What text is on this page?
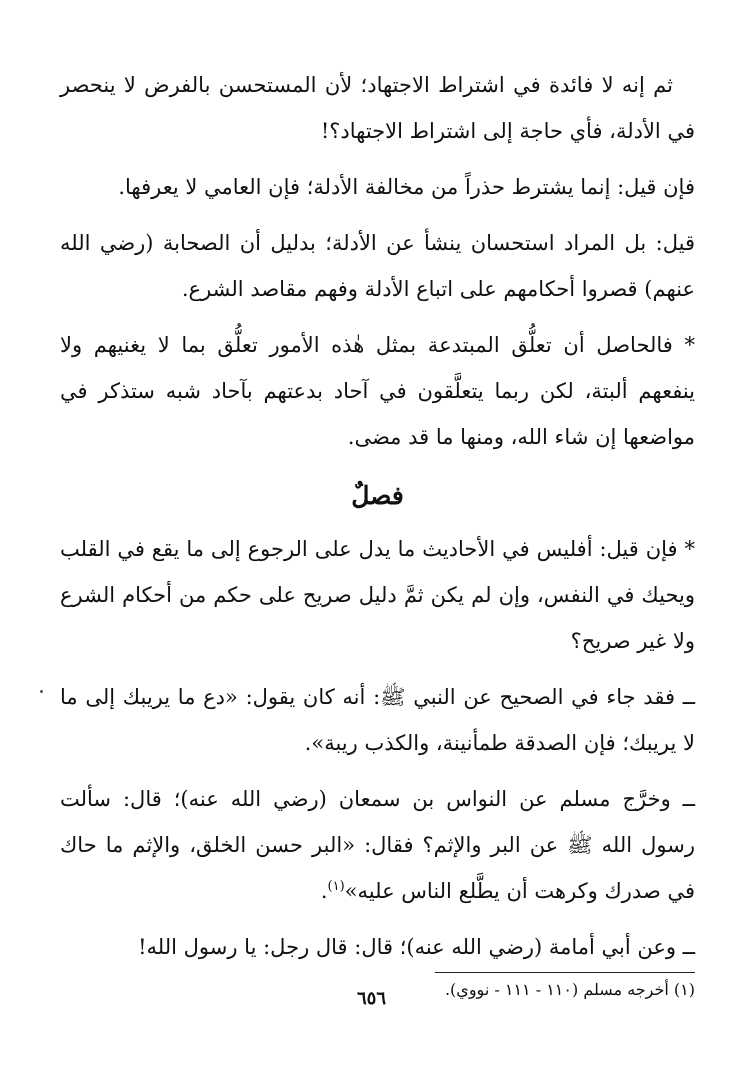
ثم إنه لا فائدة في اشتراط الاجتهاد؛ لأن المستحسن بالفرض لا ينحصر في الأدلة، فأي حاجة إلى اشتراط الاجتهاد؟!

فإن قيل: إنما يشترط حذراً من مخالفة الأدلة؛ فإن العامي لا يعرفها.

قيل: بل المراد استحسان ينشأ عن الأدلة؛ بدليل أن الصحابة (رضي الله عنهم) قصروا أحكامهم على اتباع الأدلة وفهم مقاصد الشرع.

* فالحاصل أن تعلُّق المبتدعة بمثل هٰذه الأمور تعلُّق بما لا يغنيهم ولا ينفعهم ألبتة، لكن ربما يتعلَّقون في آحاد بدعتهم بآحاد شبه ستذكر في مواضعها إن شاء الله، ومنها ما قد مضى.

فصلٌ

* فإن قيل: أفليس في الأحاديث ما يدل على الرجوع إلى ما يقع في القلب ويحيك في النفس، وإن لم يكن ثمَّ دليل صريح على حكم من أحكام الشرع ولا غير صريح؟

ــ فقد جاء في الصحيح عن النبي ﷺ: أنه كان يقول: «دع ما يريبك إلى ما لا يريبك؛ فإن الصدقة طمأنينة، والكذب ريبة».

ــ وخرَّج مسلم عن النواس بن سمعان (رضي الله عنه)؛ قال: سألت رسول الله ﷺ عن البر والإثم؟ فقال: «البر حسن الخلق، والإثم ما حاك في صدرك وكرهت أن يطَّلع الناس عليه»$^{(١)}$.

ــ وعن أبي أمامة (رضي الله عنه)؛ قال: قال رجل: يا رسول الله!

(١) أخرجه مسلم (١١٠ - ١١١ - نووي).

٦٥٦
